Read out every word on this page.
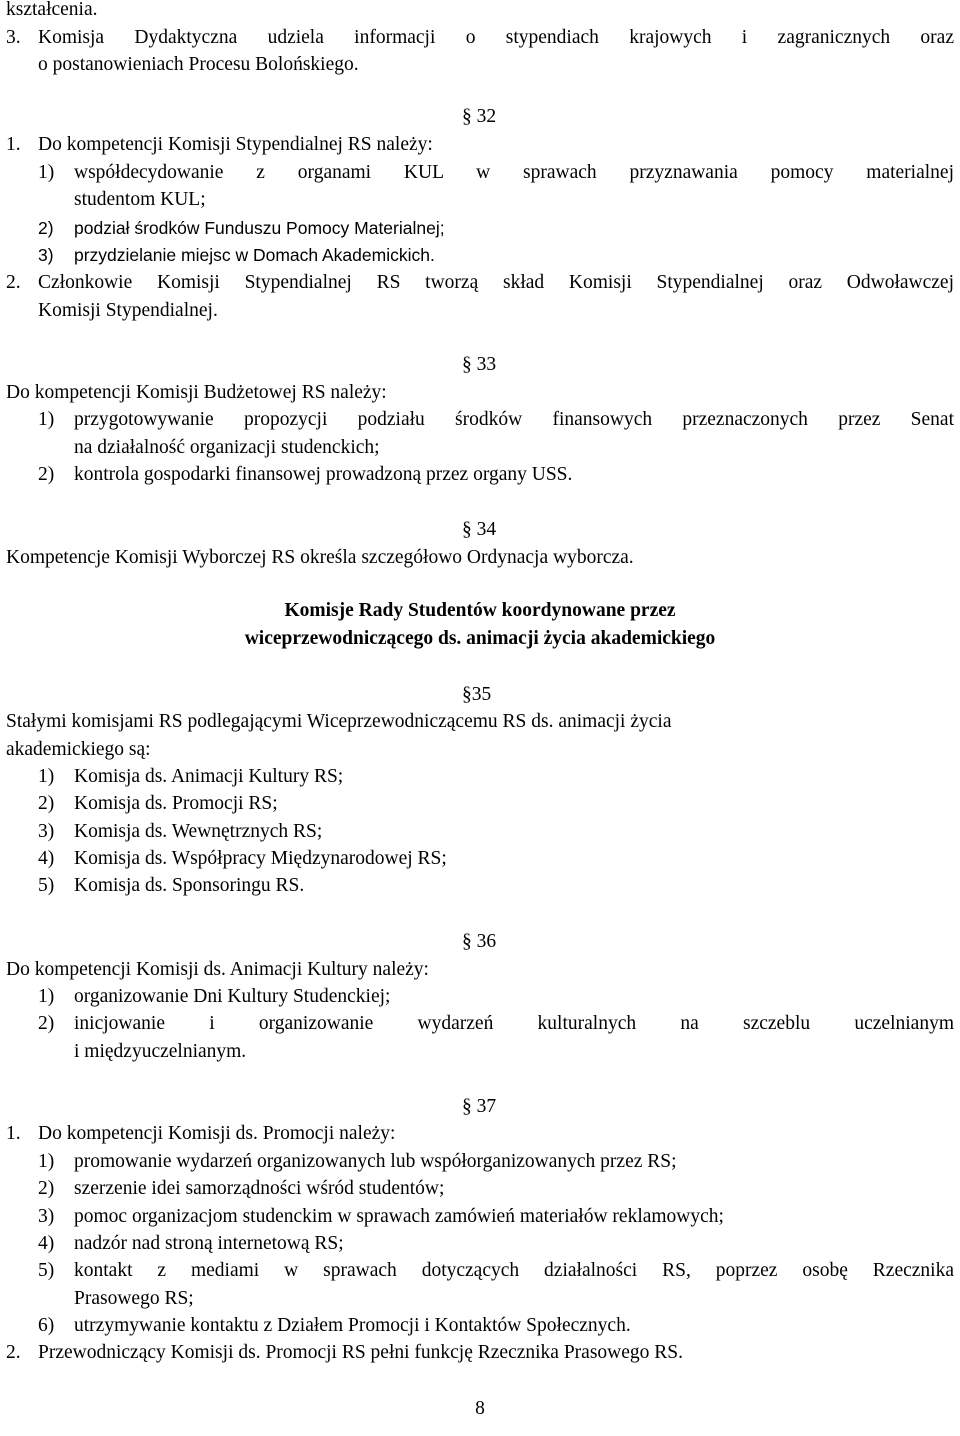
kształcenia.
3. Komisja Dydaktyczna udziela informacji o stypendiach krajowych i zagranicznych oraz
o postanowieniach Procesu Bolońskiego.
§ 32
1. Do kompetencji Komisji Stypendialnej RS należy:
1) współdecydowanie z organami KUL w sprawach przyznawania pomocy materialnej
studentom KUL;
2) podział środków Funduszu Pomocy Materialnej;
3) przydzielanie miejsc w Domach Akademickich.
2. Członkowie Komisji Stypendialnej RS tworzą skład Komisji Stypendialnej oraz Odwoławczej
Komisji Stypendialnej.
§ 33
Do kompetencji Komisji Budżetowej RS należy:
1) przygotowywanie propozycji podziału środków finansowych przeznaczonych przez Senat
na działalność organizacji studenckich;
2) kontrola gospodarki finansowej prowadzoną przez organy USS.
§ 34
Kompetencje Komisji Wyborczej RS określa szczegółowo Ordynacja wyborcza.
Komisje Rady Studentów koordynowane przez
wiceprzewodniczącego ds. animacji życia akademickiego
§35
Stałymi komisjami RS podlegającymi Wiceprzewodniczącemu RS ds. animacji życia
akademickiego są:
1) Komisja ds. Animacji Kultury RS;
2) Komisja ds. Promocji RS;
3) Komisja ds. Wewnętrznych RS;
4) Komisja ds. Współpracy Międzynarodowej RS;
5) Komisja ds. Sponsoringu RS.
§ 36
Do kompetencji Komisji ds. Animacji Kultury należy:
1) organizowanie Dni Kultury Studenckiej;
2) inicjowanie i organizowanie wydarzeń kulturalnych na szczeblu uczelnianym
i międzyuczelnianym.
§ 37
1. Do kompetencji Komisji ds. Promocji należy:
1) promowanie wydarzeń organizowanych lub współorganizowanych przez RS;
2) szerzenie idei samorządności wśród studentów;
3) pomoc organizacjom studenckim w sprawach zamówień materiałów reklamowych;
4) nadzór nad stroną internetową RS;
5) kontakt z mediami w sprawach dotyczących działalności RS, poprzez osobę Rzecznika
Prasowego RS;
6) utrzymywanie kontaktu z Działem Promocji i Kontaktów Społecznych.
2. Przewodniczący Komisji ds. Promocji RS pełni funkcję Rzecznika Prasowego RS.
8
